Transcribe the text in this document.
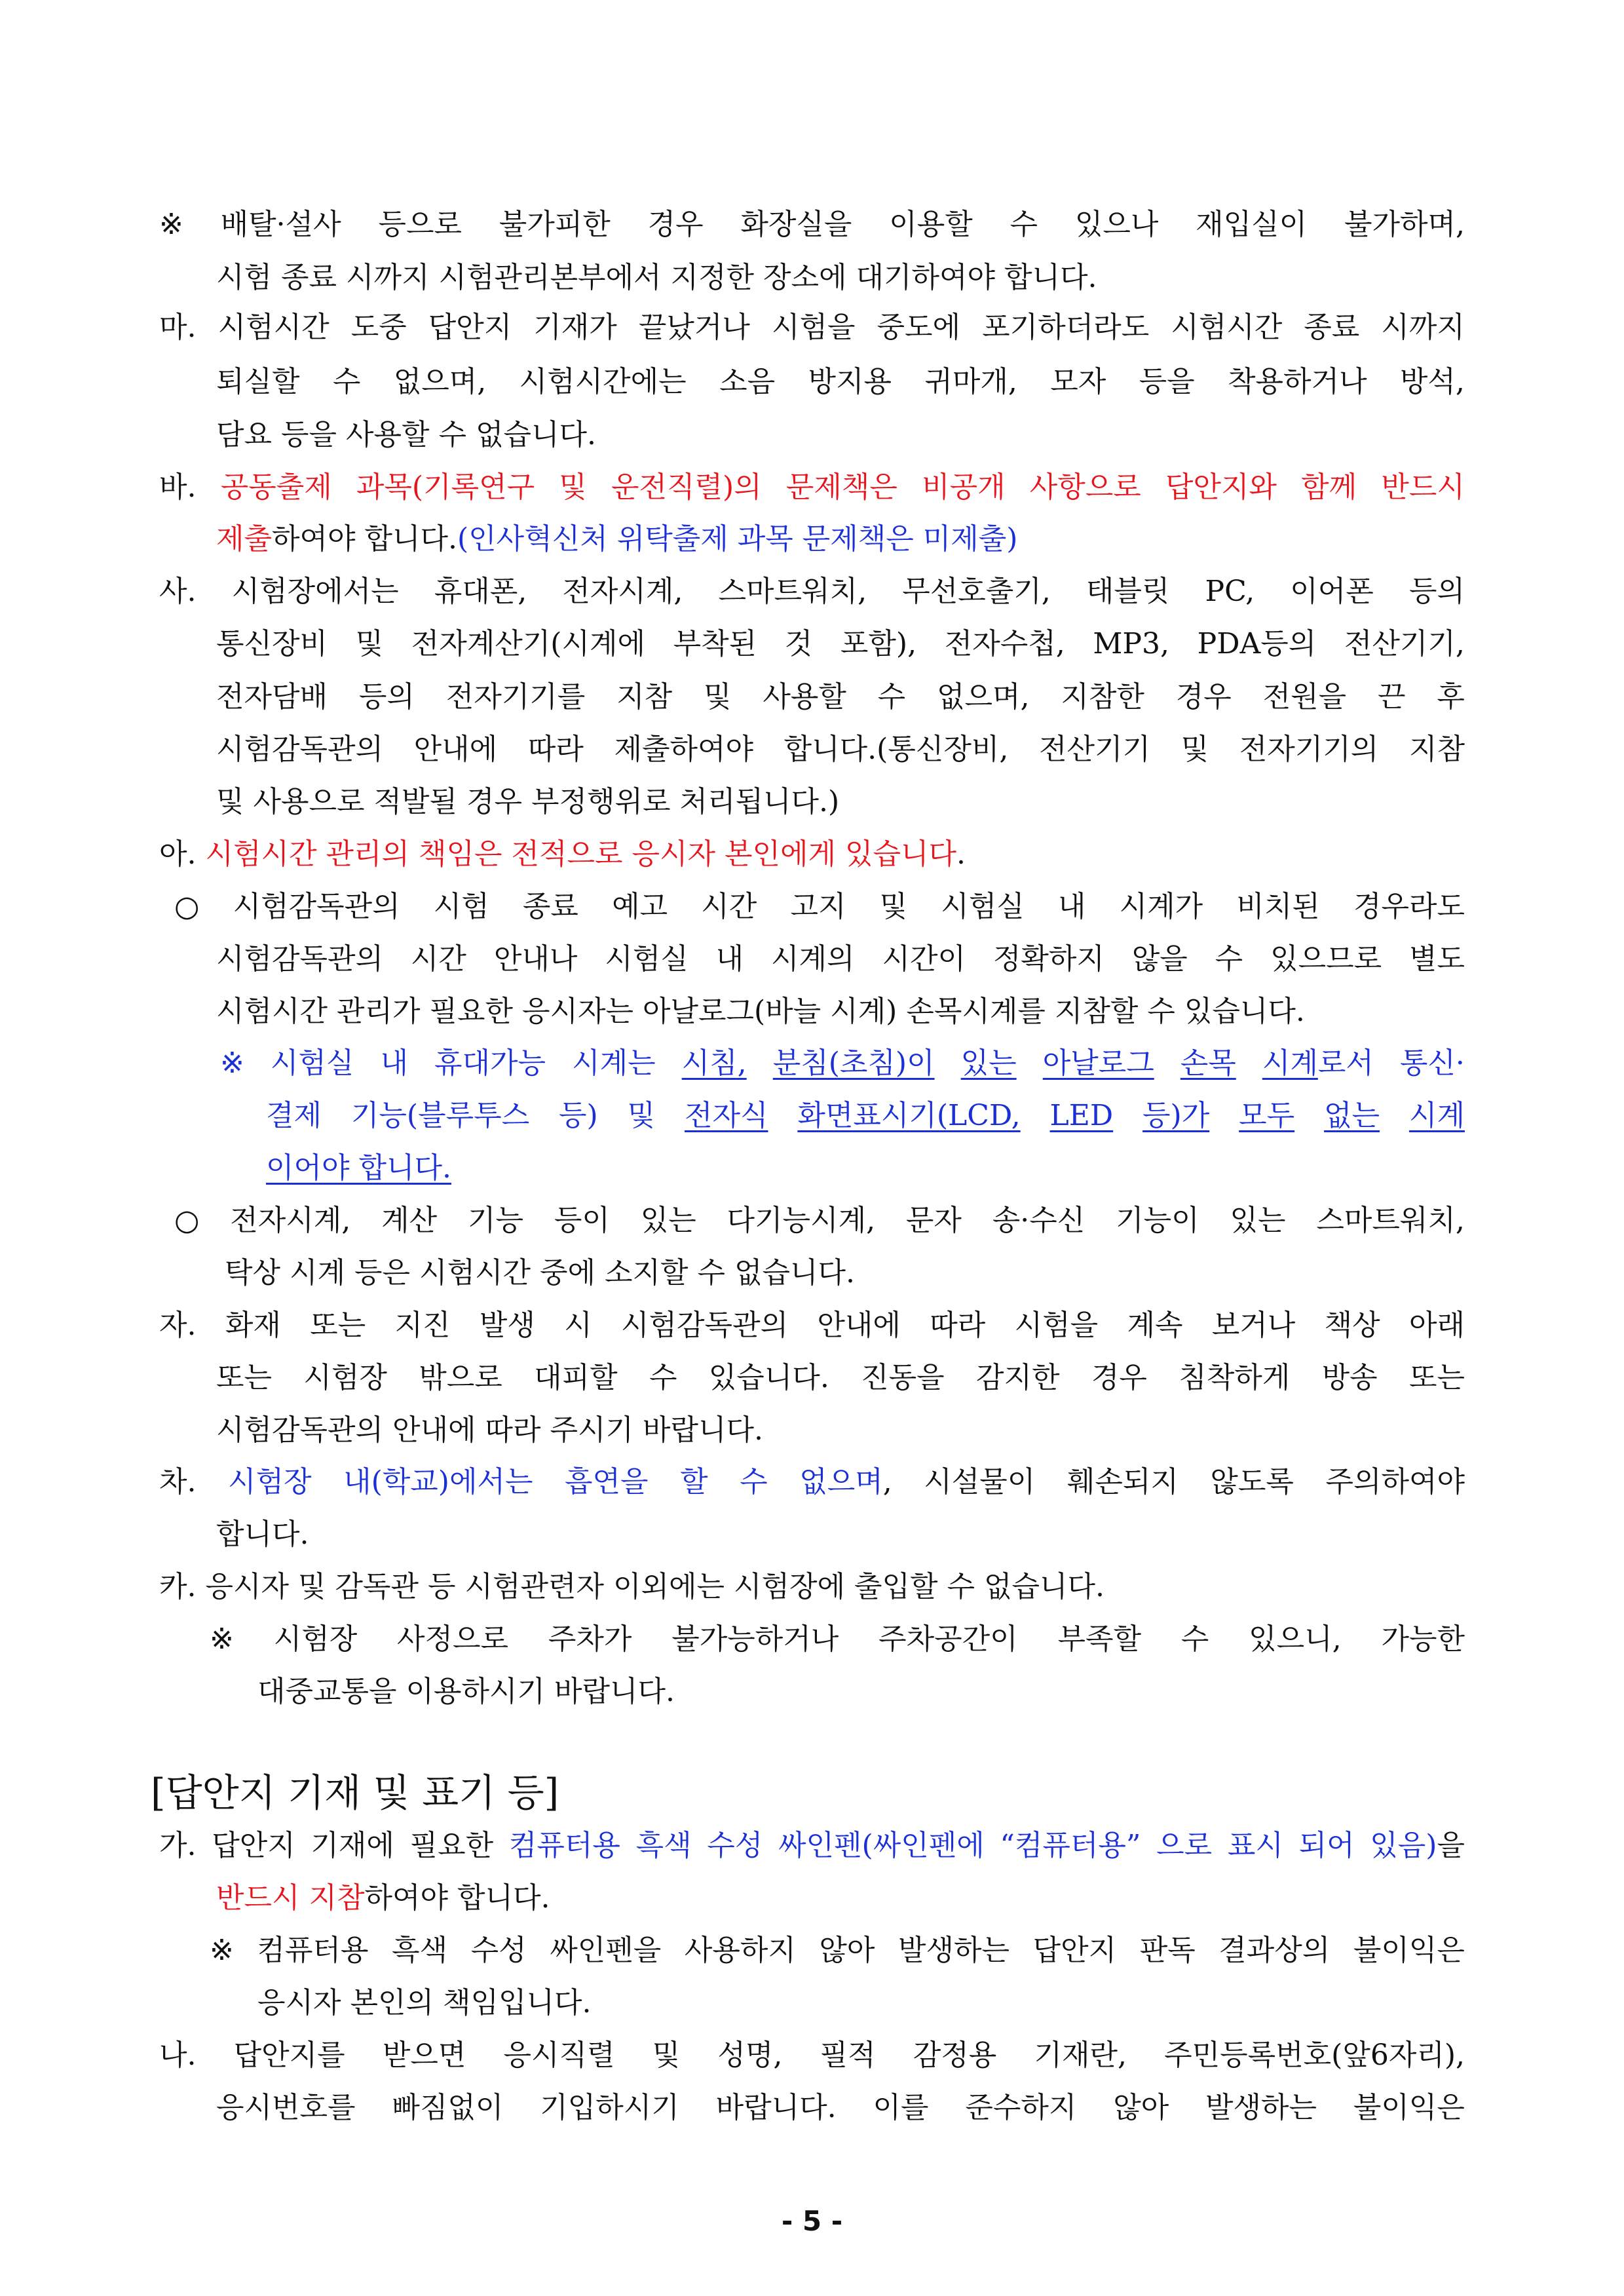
※ 배탈·설사 등으로 불가피한 경우 화장실을 이용할 수 있으나 재입실이 불가하며,
시험 종료 시까지 시험관리본부에서 지정한 장소에 대기하여야 합니다.
마. 시험시간 도중 답안지 기재가 끝났거나 시험을 중도에 포기하더라도 시험시간 종료 시까지
퇴실할 수 없으며, 시험시간에는 소음 방지용 귀마개, 모자 등을 착용하거나 방석,
담요 등을 사용할 수 없습니다.
바. 공동출제 과목(기록연구 및 운전직렬)의 문제책은 비공개 사항으로 답안지와 함께 반드시
제출 하여야 합니다. (인사혁신처 위탁출제 과목 문제책은 미제출)
사. 시험장에서는 휴대폰, 전자시계, 스마트워치, 무선호출기, 태블릿 PC, 이어폰 등의
통신장비 및 전자계산기(시계에 부착된 것 포함), 전자수첩, MP3, PDA등의 전산기기,
전자담배 등의 전자기기를 지참 및 사용할 수 없으며, 지참한 경우 전원을 끈 후
시험감독관의 안내에 따라 제출하여야 합니다.(통신장비, 전산기기 및 전자기기의 지참
및 사용으로 적발될 경우 부정행위로 처리됩니다.)
아. 시험시간 관리의 책임은 전적으로 응시자 본인에게 있습니다 .
○ 시험감독관의 시험 종료 예고 시간 고지 및 시험실 내 시계가 비치된 경우라도
시험감독관의 시간 안내나 시험실 내 시계의 시간이 정확하지 않을 수 있으므로 별도
시험시간 관리가 필요한 응시자는 아날로그(바늘 시계) 손목시계를 지참할 수 있습니다.
※ 시험실 내 휴대가능 시계는 시침, 분침(초침)이 있는 아날로그 손목 시계로서 통신·
결제 기능(블루투스 등) 및 전자식 화면표시기(LCD, LED 등)가 모두 없는 시계
이어야 합니다.
○ 전자시계, 계산 기능 등이 있는 다기능시계, 문자 송·수신 기능이 있는 스마트워치,
탁상 시계 등은 시험시간 중에 소지할 수 없습니다.
자. 화재 또는 지진 발생 시 시험감독관의 안내에 따라 시험을 계속 보거나 책상 아래
또는 시험장 밖으로 대피할 수 있습니다. 진동을 감지한 경우 침착하게 방송 또는
시험감독관의 안내에 따라 주시기 바랍니다.
차. 시험장 내(학교)에서는 흡연을 할 수 없으며, 시설물이 훼손되지 않도록 주의하여야
합니다.
카. 응시자 및 감독관 등 시험관련자 이외에는 시험장에 출입할 수 없습니다.
※ 시험장 사정으로 주차가 불가능하거나 주차공간이 부족할 수 있으니, 가능한
대중교통을 이용하시기 바랍니다.
가. 답안지 기재에 필요한 컴퓨터용 흑색 수성 싸인펜(싸인펜에 “컴퓨터용” 으로 표시 되어 있음)을
반드시 지참 하여야 합니다.
※ 컴퓨터용 흑색 수성 싸인펜을 사용하지 않아 발생하는 답안지 판독 결과상의 불이익은
응시자 본인의 책임입니다.
나. 답안지를 받으면 응시직렬 및 성명, 필적 감정용 기재란, 주민등록번호(앞6자리),
응시번호를 빠짐없이 기입하시기 바랍니다. 이를 준수하지 않아 발생하는 불이익은
[답안지 기재 및 표기 등]
- 5 -
